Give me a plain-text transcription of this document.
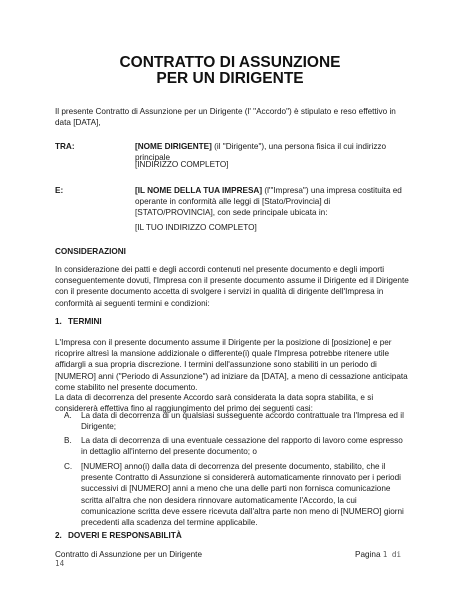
CONTRATTO DI ASSUNZIONE
PER UN DIRIGENTE

Il presente Contratto di Assunzione per un Dirigente (l' "Accordo") è stipulato e reso effettivo in data [DATA],

TRA:	[NOME DIRIGENTE] (il "Dirigente"), una persona fisica il cui indirizzo principale

[INDIRIZZO COMPLETO]

E:	[IL NOME DELLA TUA IMPRESA] (l'"Impresa") una impresa costituita ed operante in conformità alle leggi di [Stato/Provincia] di [STATO/PROVINCIA], con sede principale ubicata in:

[IL TUO INDIRIZZO COMPLETO]

CONSIDERAZIONI

In considerazione dei patti e degli accordi contenuti nel presente documento e degli importi conseguentemente dovuti, l'Impresa con il presente documento assume il Dirigente ed il Dirigente con il presente documento accetta di svolgere i servizi in qualità di dirigente dell'Impresa in conformità ai seguenti termini e condizioni:

1. TERMINI

L'Impresa con il presente documento assume il Dirigente per la posizione di [posizione] e per ricoprire altresì la mansione addizionale o differente(i) quale l'Impresa potrebbe ritenere utile affidargli a sua propria discrezione. I termini dell'assunzione sono stabiliti in un periodo di [NUMERO] anni ("Periodo di Assunzione") ad iniziare da [DATA], a meno di cessazione anticipata come stabilito nel presente documento.

La data di decorrenza del presente Accordo sarà considerata la data sopra stabilita, e si considererà effettiva fino al raggiungimento del primo dei seguenti casi:

A. La data di decorrenza di un qualsiasi susseguente accordo contrattuale tra l'Impresa ed il Dirigente;

B. La data di decorrenza di una eventuale cessazione del rapporto di lavoro come espresso in dettaglio all'interno del presente documento; o

C. [NUMERO] anno(i) dalla data di decorrenza del presente documento, stabilito, che il presente Contratto di Assunzione si considererà automaticamente rinnovato per i periodi successivi di [NUMERO] anni a meno che una delle parti non fornisca comunicazione scritta all'altra che non desidera rinnovare automaticamente l'Accordo, la cui comunicazione scritta deve essere ricevuta dall'altra parte non meno di [NUMERO] giorni precedenti alla scadenza del termine applicabile.

2. DOVERI E RESPONSABILITÀ
Contratto di Assunzione per un Dirigente	Pagina 1 di
14
